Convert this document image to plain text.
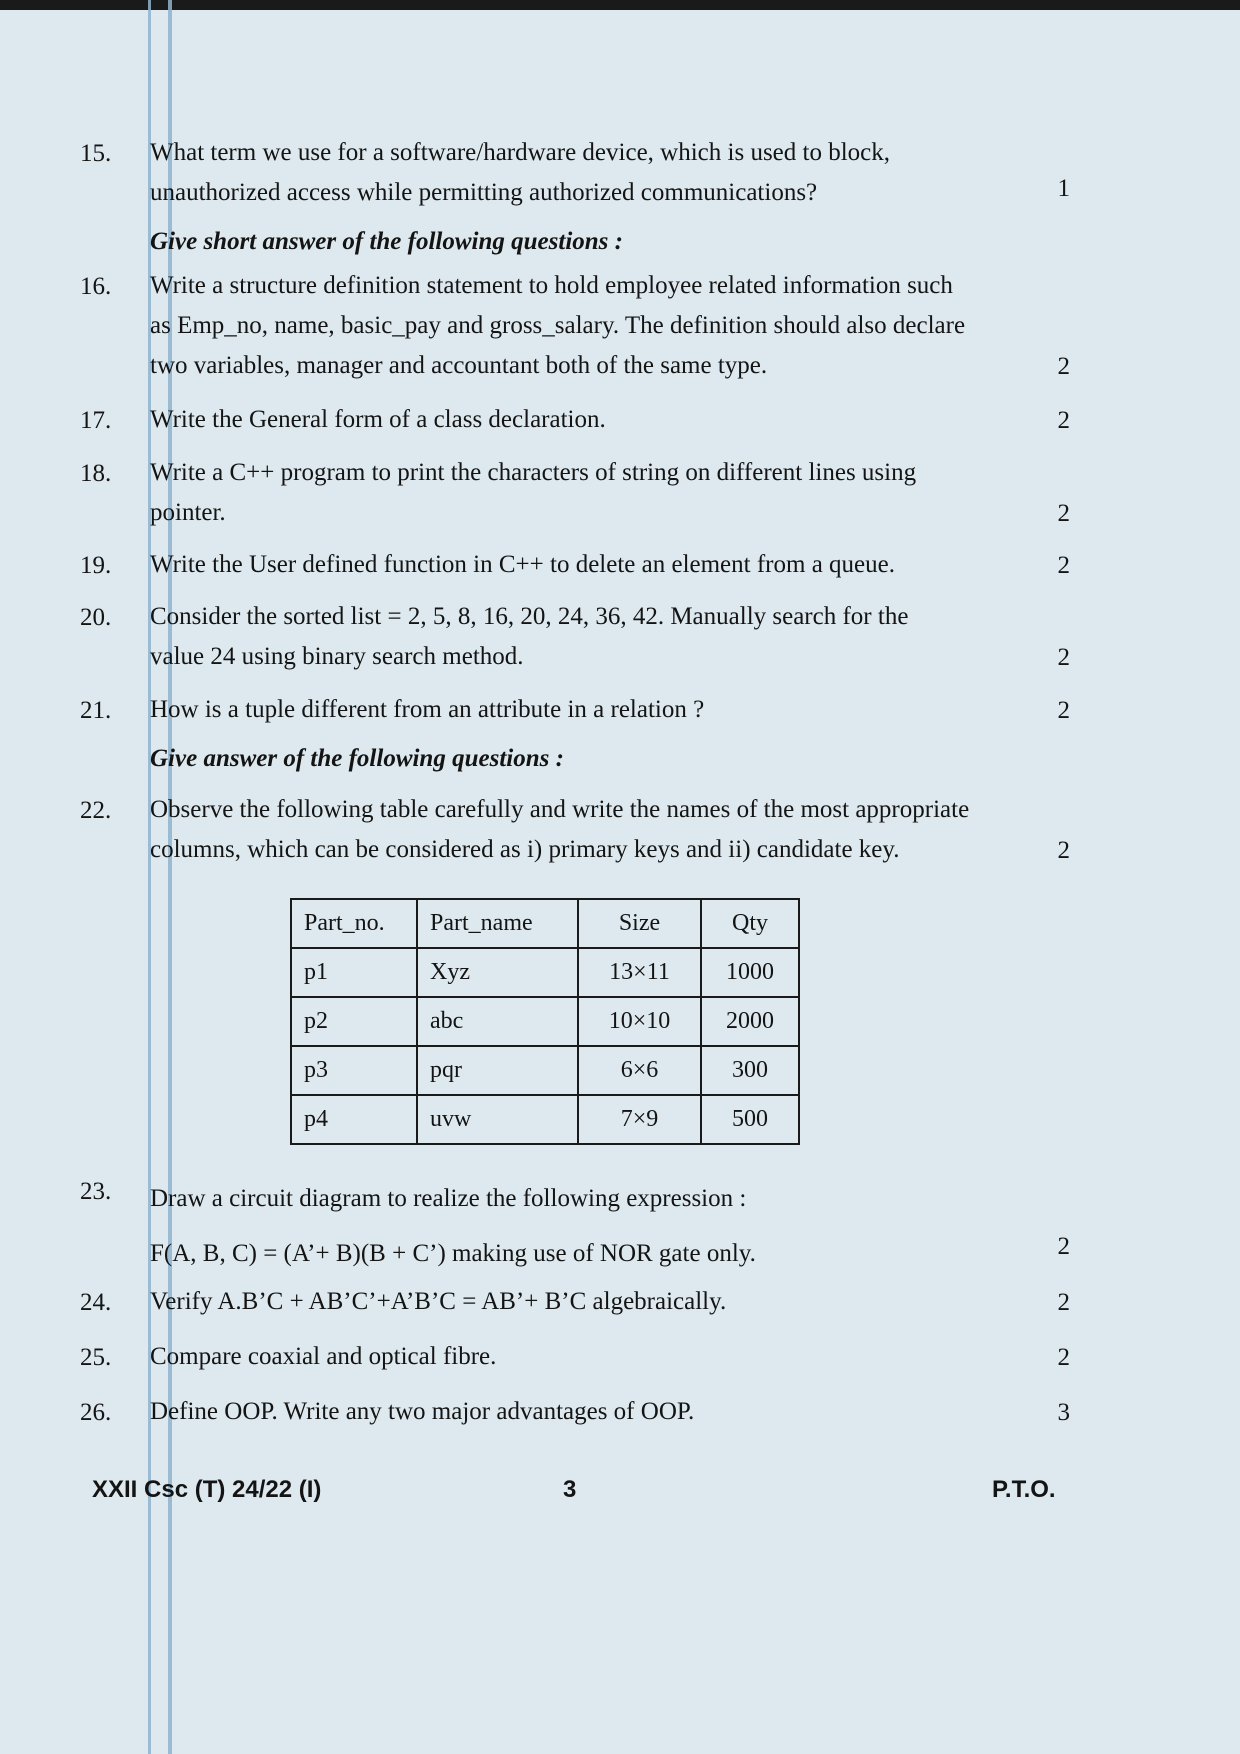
15. What term we use for a software/hardware device, which is used to block,
unauthorized access while permitting authorized communications?	1
Give short answer of the following questions :
16. Write a structure definition statement to hold employee related information such
as Emp_no, name, basic_pay and gross_salary. The definition should also declare
two variables, manager and accountant both of the same type.	2
17. Write the General form of a class declaration.	2
18. Write a C++ program to print the characters of string on different lines using
pointer.	2
19. Write the User defined function in C++ to delete an element from a queue.	2
20. Consider the sorted list = 2, 5, 8, 16, 20, 24, 36, 42. Manually search for the
value 24 using binary search method.	2
21. How is a tuple different from an attribute in a relation ?	2
Give answer of the following questions :
22. Observe the following table carefully and write the names of the most appropriate
columns, which can be considered as i) primary keys and ii) candidate key.	2
Part_no.	Part_name	Size	Qty
p1	Xyz	13×11	1000
p2	abc	10×10	2000
p3	pqr	6×6	300
p4	uvw	7×9	500
23. Draw a circuit diagram to realize the following expression :
F(A, B, C) = (A’+ B)(B + C’) making use of NOR gate only.	2
24. Verify A.B’C + AB’C’+A’B’C = AB’+ B’C algebraically.	2
25. Compare coaxial and optical fibre.	2
26. Define OOP. Write any two major advantages of OOP.	3
XXII Csc (T) 24/22 (I)	3	P.T.O.
